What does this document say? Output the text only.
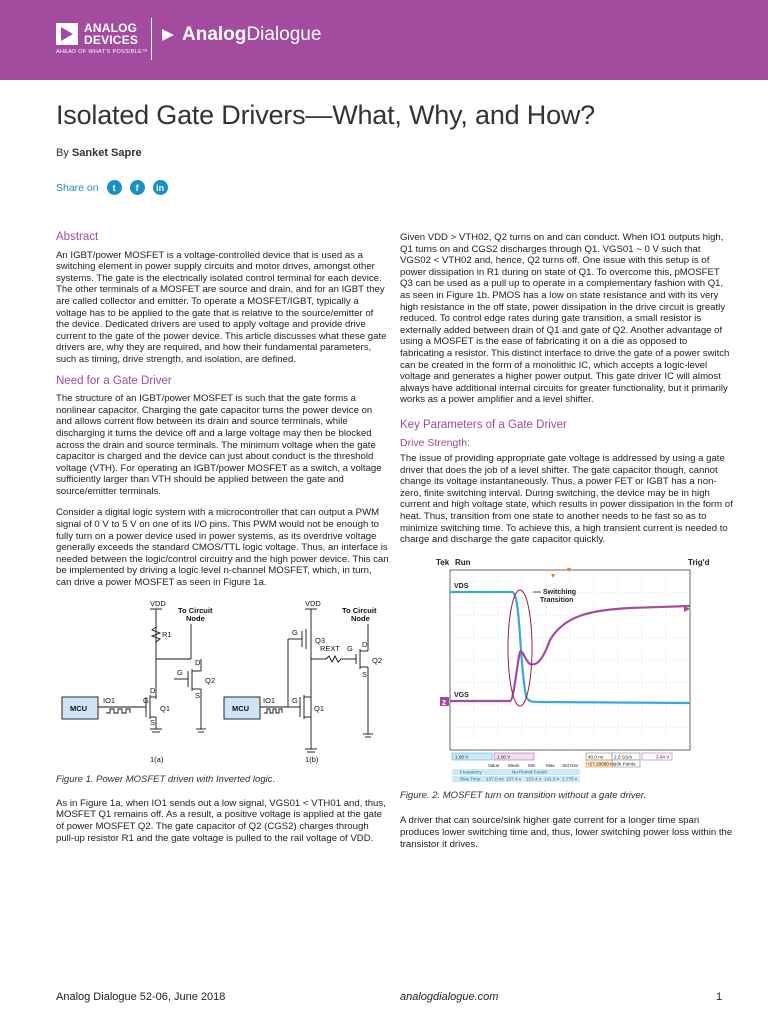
ANALOG
DEVICES
AHEAD OF WHAT'S POSSIBLE™
Analog Dialogue
Isolated Gate Drivers—What, Why, and How?
By Sanket Sapre
Share on	t	f	in
Abstract

An IGBT/power MOSFET is a voltage-controlled device that is used as a switching element in power supply circuits and motor drives, amongst other systems. The gate is the electrically isolated control terminal for each device. The other terminals of a MOSFET are source and drain, and for an IGBT they are called collector and emitter. To operate a MOSFET/IGBT, typically a voltage has to be applied to the gate that is relative to the source/emitter of the device. Dedicated drivers are used to apply voltage and provide drive current to the gate of the power device. This article discusses what these gate drivers are, why they are required, and how their fundamental parameters, such as timing, drive strength, and isolation, are defined.

Need for a Gate Driver

The structure of an IGBT/power MOSFET is such that the gate forms a nonlinear capacitor. Charging the gate capacitor turns the power device on and allows current flow between its drain and source terminals, while discharging it turns the device off and a large voltage may then be blocked across the drain and source terminals. The minimum voltage when the gate capacitor is charged and the device can just about conduct is the threshold voltage (VTH). For operating an IGBT/power MOSFET as a switch, a voltage sufficiently larger than VTH should be applied between the gate and source/emitter terminals.

Consider a digital logic system with a microcontroller that can output a PWM signal of 0 V to 5 V on one of its I/O pins. This PWM would not be enough to fully turn on a power device used in power systems, as its overdrive voltage generally exceeds the standard CMOS/TTL logic voltage. Thus, an interface is needed between the logic/control circuitry and the high power device. This can be implemented by driving a logic level n-channel MOSFET, which, in turn, can drive a power MOSFET as seen in Figure 1a.

VDD
To Circuit
Node
R1
G
D
S
Q2
G
D
S
Q1
MCU
IO1
1(a)
VDD
To Circuit
Node
G
Q3
REXT G D
S
Q2
G
Q1
MCU
IO1
1(b)
Figure 1. Power MOSFET driven with Inverted logic.

As in Figure 1a, when IO1 sends out a low signal, VGS01 < VTH01 and, thus, MOSFET Q1 remains off. As a result, a positive voltage is applied at the gate of power MOSFET Q2. The gate capacitor of Q2 (CGS2) charges through pull-up resistor R1 and the gate voltage is pulled to the rail voltage of VDD.

Given VDD > VTH02, Q2 turns on and can conduct. When IO1 outputs high, Q1 turns on and CGS2 discharges through Q1. VGS01 ~ 0 V such that VGS02 < VTH02 and, hence, Q2 turns off. One issue with this setup is of power dissipation in R1 during on state of Q1. To overcome this, pMOSFET Q3 can be used as a pull up to operate in a complementary fashion with Q1, as seen in Figure 1b. PMOS has a low on state resistance and with its very high resistance in the off state, power dissipation in the drive circuit is greatly reduced. To control edge rates during gate transition, a small resistor is externally added between drain of Q1 and gate of Q2. Another advantage of using a MOSFET is the ease of fabricating it on a die as opposed to fabricating a resistor. This distinct interface to drive the gate of a power switch can be created in the form of a monolithic IC, which accepts a logic-level voltage and generates a higher power output. This gate driver IC will almost always have additional internal circuits for greater functionality, but it primarily works as a power amplifier and a level shifter.

Key Parameters of a Gate Driver
Drive Strength:

The issue of providing appropriate gate voltage is addressed by using a gate driver that does the job of a level shifter. The gate capacitor though, cannot change its voltage instantaneously. Thus, a power FET or IGBT has a non-zero, finite switching interval. During switching, the device may be in high current and high voltage state, which results in power dissipation in the form of heat. Thus, transition from one state to another needs to be fast so as to minimize switching time. To achieve this, a high transient current is needed to charge and discharge the gate capacitor quickly.

Tek Run	Trig'd
2
VDS
VGS
Switching
Transition
1.00 V	1.00 V	40.0 ns 2.0 GS/s
10k Points
+27.20000 ns
3.04 V
Value Mean Min Max Std Dev
Frequency	No Period Found
Rise Time 137.0 ns 137.4 n 133.4 n 141.0 n 1.775 n
Figure. 2. MOSFET turn on transition without a gate driver.

A driver that can source/sink higher gate current for a longer time span produces lower switching time and, thus, lower switching power loss within the transistor it drives.

Analog Dialogue 52-06, June 2018	analogdialogue.com	1
